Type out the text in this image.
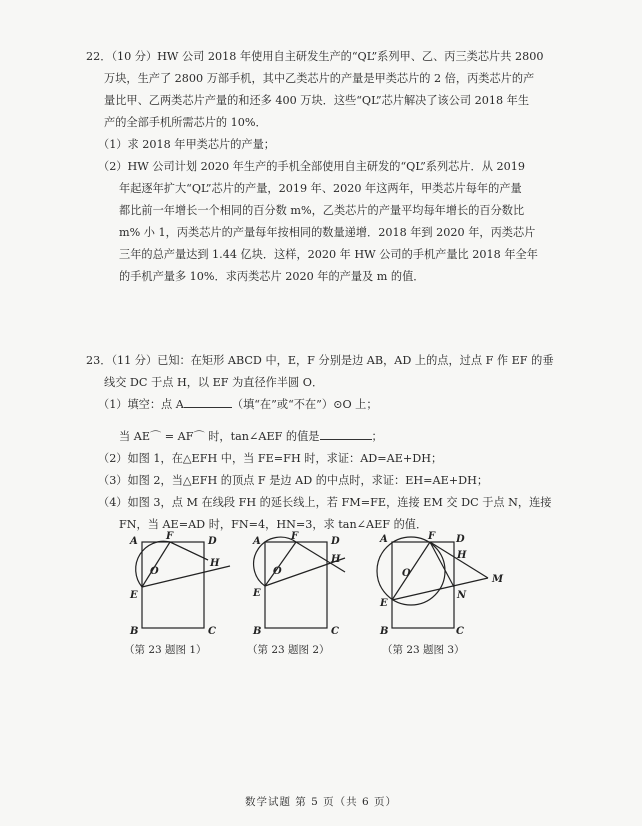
22．（10 分）HW 公司 2018 年使用自主研发生产的“QL”系列甲、乙、丙三类芯片共 2800
万块，生产了 2800 万部手机，其中乙类芯片的产量是甲类芯片的 2 倍，丙类芯片的产
量比甲、乙两类芯片产量的和还多 400 万块．这些“QL”芯片解决了该公司 2018 年生
产的全部手机所需芯片的 10%．
（1）求 2018 年甲类芯片的产量；
（2）HW 公司计划 2020 年生产的手机全部使用自主研发的“QL”系列芯片．从 2019
年起逐年扩大“QL”芯片的产量，2019 年、2020 年这两年，甲类芯片每年的产量
都比前一年增长一个相同的百分数 m%，乙类芯片的产量平均每年增长的百分数比
m% 小 1，丙类芯片的产量每年按相同的数量递增．2018 年到 2020 年，丙类芯片
三年的总产量达到 1.44 亿块．这样，2020 年 HW 公司的手机产量比 2018 年全年
的手机产量多 10%．求丙类芯片 2020 年的产量及 m 的值．
23．（11 分）已知：在矩形 ABCD 中，E，F 分别是边 AB，AD 上的点，过点 F 作 EF 的垂
线交 DC 于点 H，以 EF 为直径作半圆 O．
（1）填空：点 A	（填“在”或“不在”）⊙O 上；
当 AE⌒ = AF⌒ 时，tan∠AEF 的值是	；
（2）如图 1，在△EFH 中，当 FE=FH 时，求证：AD=AE+DH；
（3）如图 2，当△EFH 的顶点 F 是边 AD 的中点时，求证：EH=AE+DH；
（4）如图 3，点 M 在线段 FH 的延长线上，若 FM=FE，连接 EM 交 DC 于点 N，连接
FN，当 AE=AD 时，FN=4，HN=3，求 tan∠AEF 的值．
A	F	D
O
H
E
B	C
（第 23 题图 1）
A	F	D
O
H
E
B	C
（第 23 题图 2）
A	F D
O
H
E
N
M
B	C
（第 23 题图 3）
数学试题 第 5 页（共 6 页）
